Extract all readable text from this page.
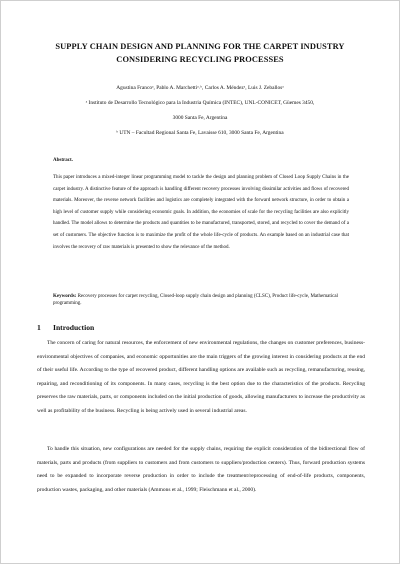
SUPPLY CHAIN DESIGN AND PLANNING FOR THE CARPET INDUSTRY
CONSIDERING RECYCLING PROCESSES
Agustina Francoᵃ, Pablo A. Marchettiᵃ˒ᵇ, Carlos A. Méndezᵃ, Luis J. Zeballosᵃ
ᵃ Instituto de Desarrollo Tecnológico para la Industria Química (INTEC), UNL-CONICET, Güemes 3450,
3000 Santa Fe, Argentina
ᵇ UTN – Facultad Regional Santa Fe, Lavaisse 610, 3000 Santa Fe, Argentina
Abstract.
This paper introduces a mixed-integer linear programming model to tackle the design and planning problem of Closed Loop Supply Chains in the carpet industry. A distinctive feature of the approach is handling different recovery processes involving dissimilar activities and flows of recovered materials. Moreover, the reverse network facilities and logistics are completely integrated with the forward network structure, in order to obtain a high level of customer supply while considering economic goals. In addition, the economies of scale for the recycling facilities are also explicitly handled. The model allows to determine the products and quantities to be manufactured, transported, stored, and recycled to cover the demand of a set of customers. The objective function is to maximize the profit of the whole life-cycle of products. An example based on an industrial case that involves the recovery of raw materials is presented to show the relevance of the method.
Keywords: Recovery processes for carpet recycling, Closed-loop supply chain design and planning (CLSC), Product life-cycle, Mathematical programming.
1 Introduction
The concern of caring for natural resources, the enforcement of new environmental regulations, the changes on customer preferences, business-environmental objectives of companies, and economic opportunities are the main triggers of the growing interest in considering products at the end of their useful life. According to the type of recovered product, different handling options are available such as recycling, remanufacturing, reusing, repairing, and reconditioning of its components. In many cases, recycling is the best option due to the characteristics of the products. Recycling preserves the raw materials, parts, or components included on the initial production of goods, allowing manufacturers to increase the productivity as well as profitability of the business. Recycling is being actively used in several industrial areas.
To handle this situation, new configurations are needed for the supply chains, requiring the explicit consideration of the bidirectional flow of materials, parts and products (from suppliers to customers and from customers to suppliers/production centers). Thus, forward production systems need to be expanded to incorporate reverse production in order to include the treatment/reprocessing of end-of-life products, components, production wastes, packaging, and other materials (Ammons et al., 1999; Fleischmann et al., 2000).
